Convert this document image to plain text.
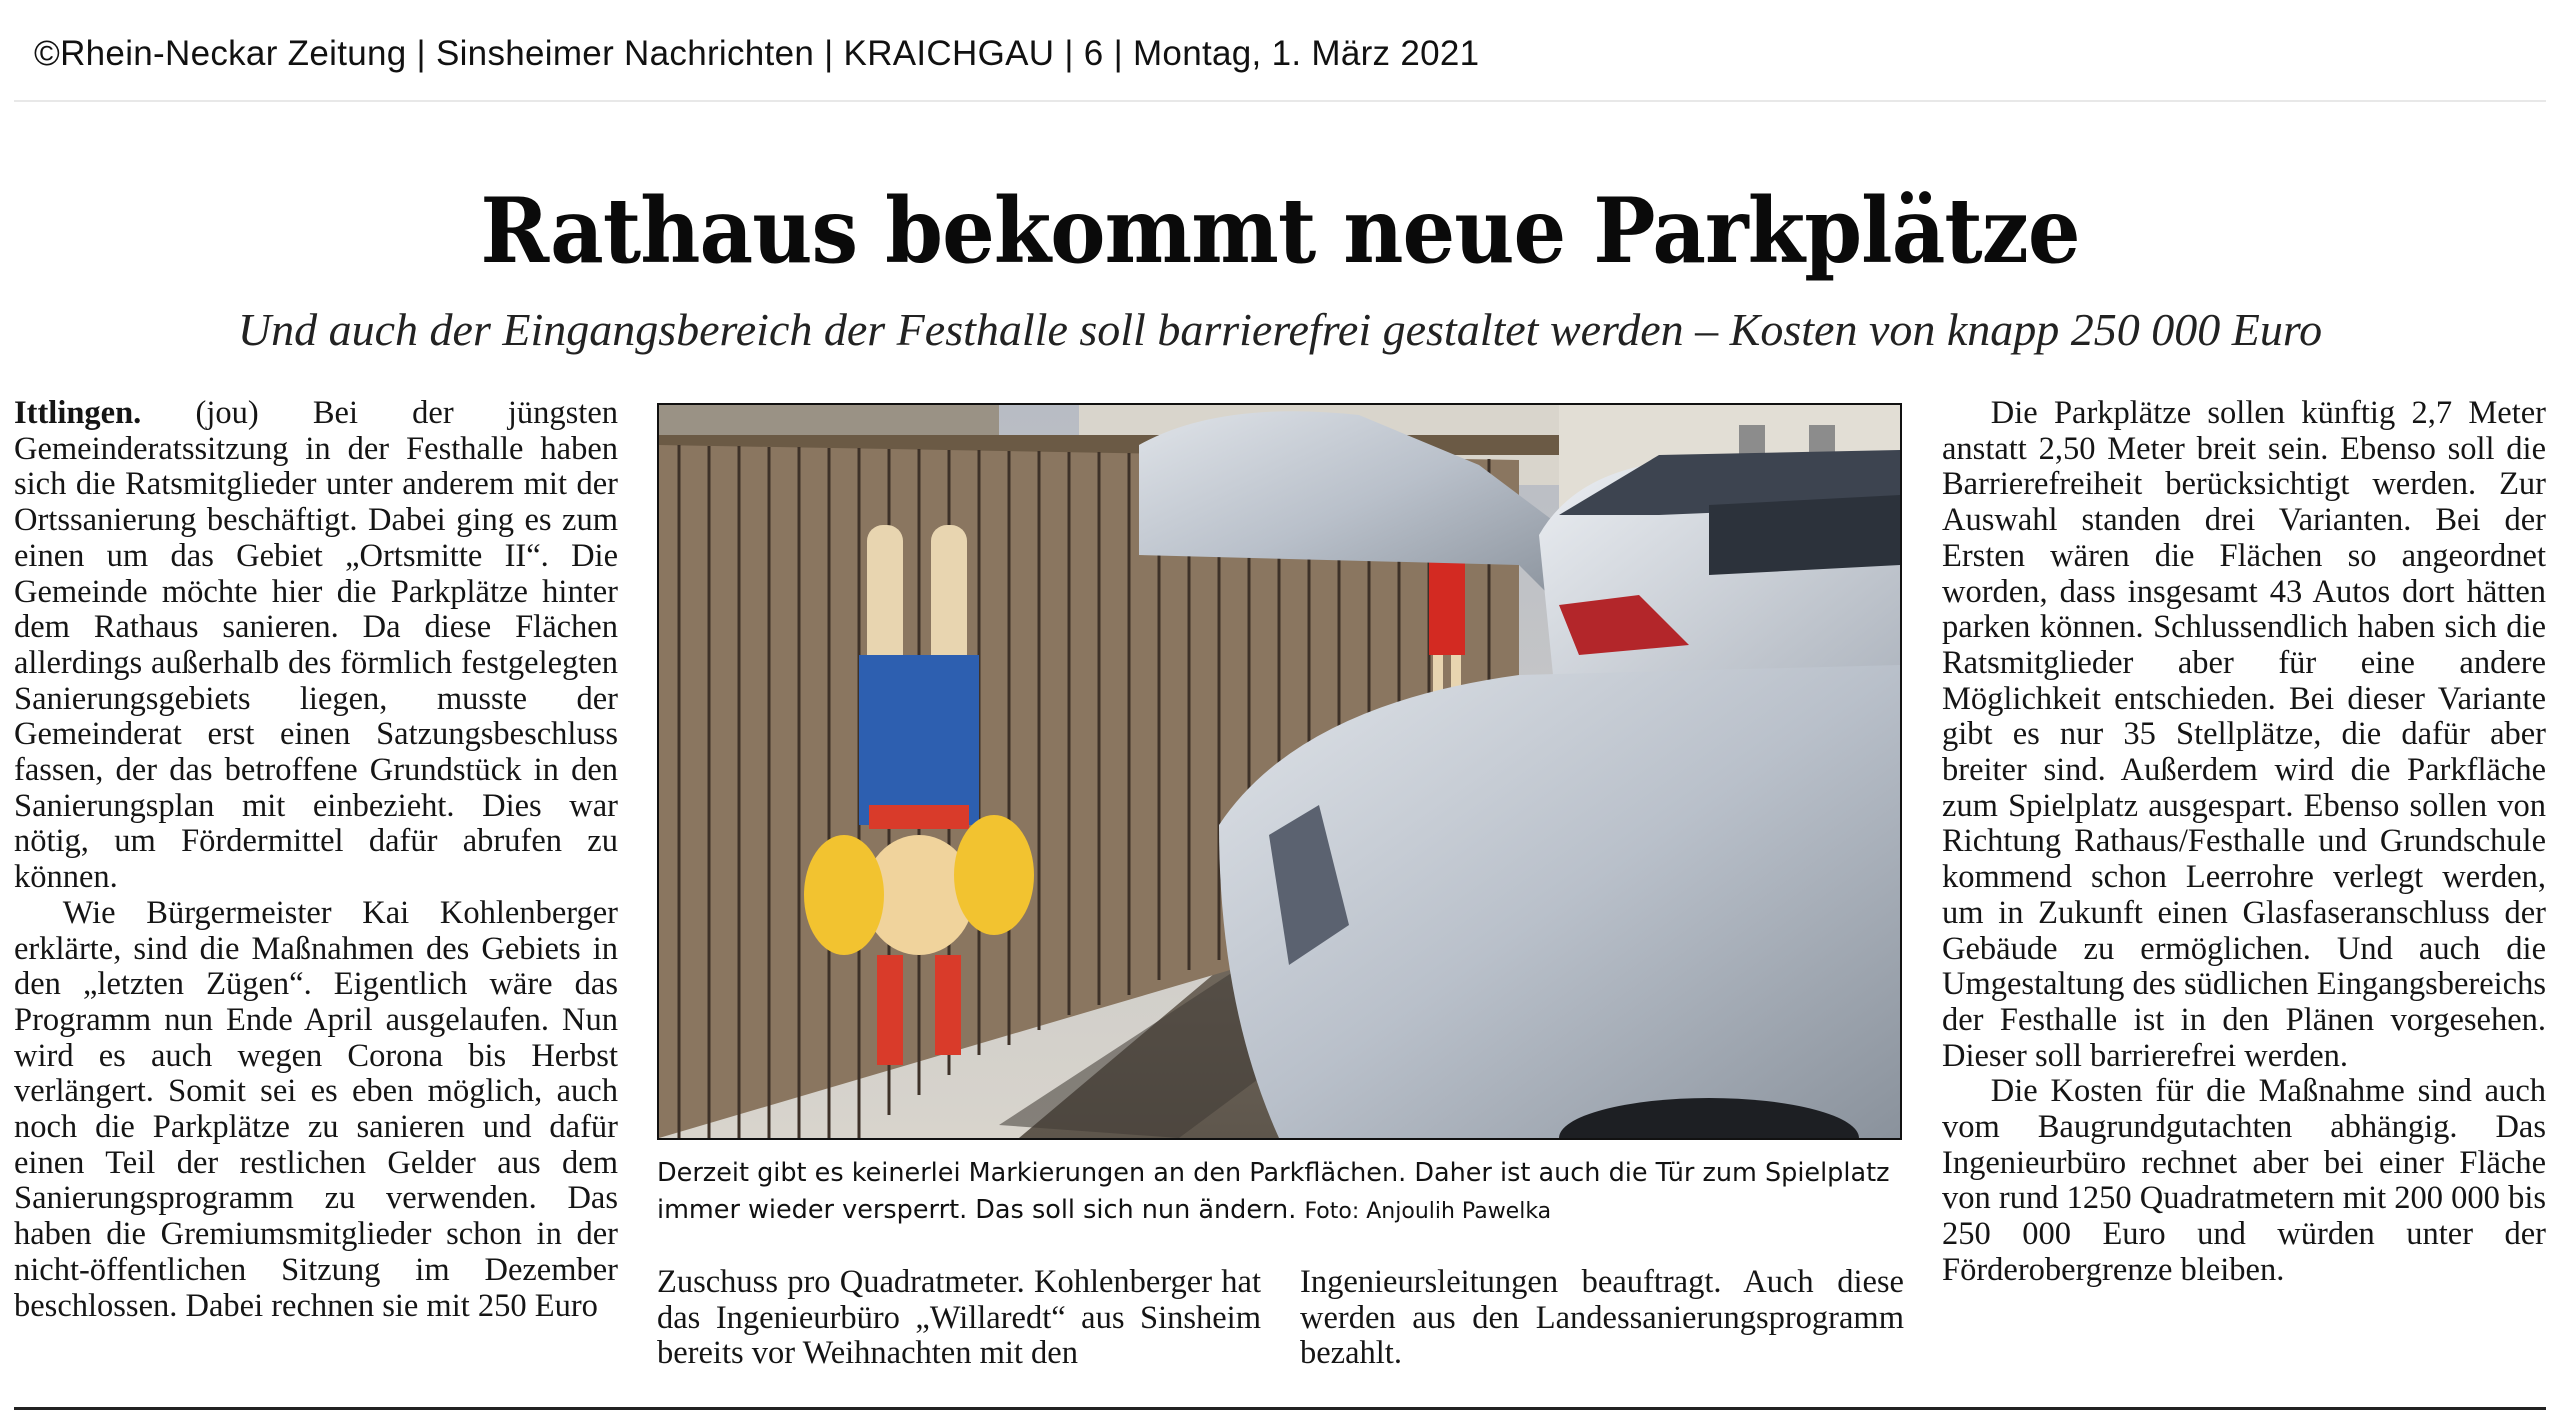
©Rhein-Neckar Zeitung | Sinsheimer Nachrichten | KRAICHGAU | 6 | Montag, 1. März 2021
Rathaus bekommt neue Parkplätze
Und auch der Eingangsbereich der Festhalle soll barrierefrei gestaltet werden – Kosten von knapp 250 000 Euro

Ittlingen. (jou) Bei der jüngsten Gemeinderatssitzung in der Festhalle haben sich die Ratsmitglieder unter anderem mit der Ortssanierung beschäftigt. Dabei ging es zum einen um das Gebiet „Ortsmitte II“. Die Gemeinde möchte hier die Parkplätze hinter dem Rathaus sanieren. Da diese Flächen allerdings außerhalb des förmlich festgelegten Sanierungsgebiets liegen, musste der Gemeinderat erst einen Satzungsbeschluss fassen, der das betroffene Grundstück in den Sanierungsplan mit einbezieht. Dies war nötig, um Fördermittel dafür abrufen zu können.

Wie Bürgermeister Kai Kohlenberger erklärte, sind die Maßnahmen des Gebiets in den „letzten Zügen“. Eigentlich wäre das Programm nun Ende April ausgelaufen. Nun wird es auch wegen Corona bis Herbst verlängert. Somit sei es eben möglich, auch noch die Parkplätze zu sanieren und dafür einen Teil der restlichen Gelder aus dem Sanierungsprogramm zu verwenden. Das haben die Gremiumsmitglieder schon in der nicht-öffentlichen Sitzung im Dezember beschlossen. Dabei rechnen sie mit 250 Euro

Derzeit gibt es keinerlei Markierungen an den Parkflächen. Daher ist auch die Tür zum Spielplatz immer wieder versperrt. Das soll sich nun ändern. Foto: Anjoulih Pawelka

Zuschuss pro Quadratmeter. Kohlenberger hat das Ingenieurbüro „Willaredt“ aus Sinsheim bereits vor Weihnachten mit den

Ingenieursleitungen beauftragt. Auch diese werden aus den Landessanierungsprogramm bezahlt.

Die Parkplätze sollen künftig 2,7 Meter anstatt 2,50 Meter breit sein. Ebenso soll die Barrierefreiheit berücksichtigt werden. Zur Auswahl standen drei Varianten. Bei der Ersten wären die Flächen so angeordnet worden, dass insgesamt 43 Autos dort hätten parken können. Schlussendlich haben sich die Ratsmitglieder aber für eine andere Möglichkeit entschieden. Bei dieser Variante gibt es nur 35 Stellplätze, die dafür aber breiter sind. Außerdem wird die Parkfläche zum Spielplatz ausgespart. Ebenso sollen von Richtung Rathaus/Festhalle und Grundschule kommend schon Leerrohre verlegt werden, um in Zukunft einen Glasfaseranschluss der Gebäude zu ermöglichen. Und auch die Umgestaltung des südlichen Eingangsbereichs der Festhalle ist in den Plänen vorgesehen. Dieser soll barrierefrei werden.

Die Kosten für die Maßnahme sind auch vom Baugrundgutachten abhängig. Das Ingenieurbüro rechnet aber bei einer Fläche von rund 1250 Quadratmetern mit 200 000 bis 250 000 Euro und würden unter der Förderobergrenze bleiben.
